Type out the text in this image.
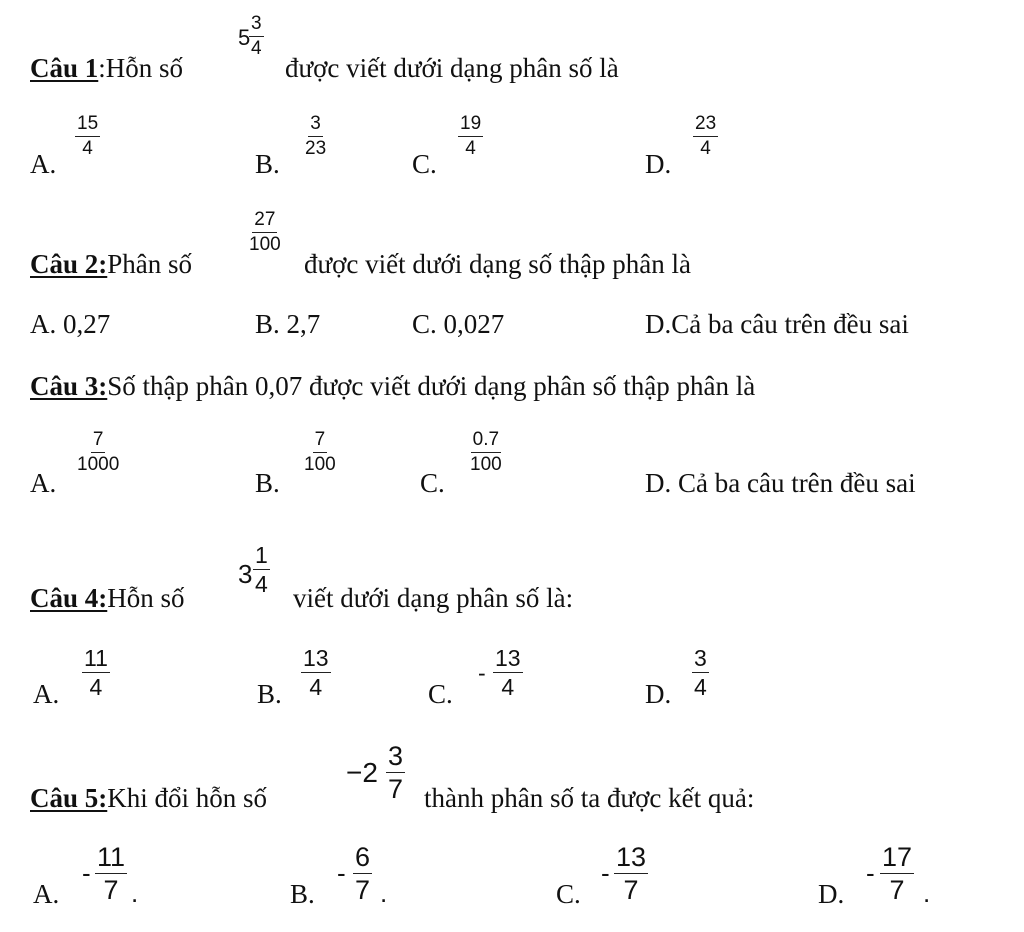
Câu 1:Hỗn số
5
$\frac{3}{4}$
được viết dưới dạng phân số là
A.
$\frac{15}{4}$
B.
$\frac{3}{23}$
C.
$\frac{19}{4}$
D.
$\frac{23}{4}$
Câu 2:Phân số
$\frac{27}{100}$
được viết dưới dạng số thập phân là
A. 0,27	B. 2,7	C. 0,027	D.Cả ba câu trên đều sai
Câu 3:Số thập phân 0,07 được viết dưới dạng phân số thập phân là
A.
$\frac{7}{1000}$
B.
$\frac{7}{100}$
C.
$\frac{0.7}{100}$
D. Cả ba câu trên đều sai
Câu 4:Hỗn số
$3 \frac{1}{4}$
viết dưới dạng phân số là:
A. $\frac{11}{4}$	B. $\frac{13}{4}$	C.
- $\frac{13}{4}$	D. $\frac{3}{4}$
Câu 5:Khi đổi hỗn số
$-2 \frac{3}{7}$ thành phân số ta được kết quả:
A.
- $\frac{11}{7}$ .	B.
- $\frac{6}{7}$ .	C.
- $\frac{13}{7}$	D.
- $\frac{17}{7}$ .
